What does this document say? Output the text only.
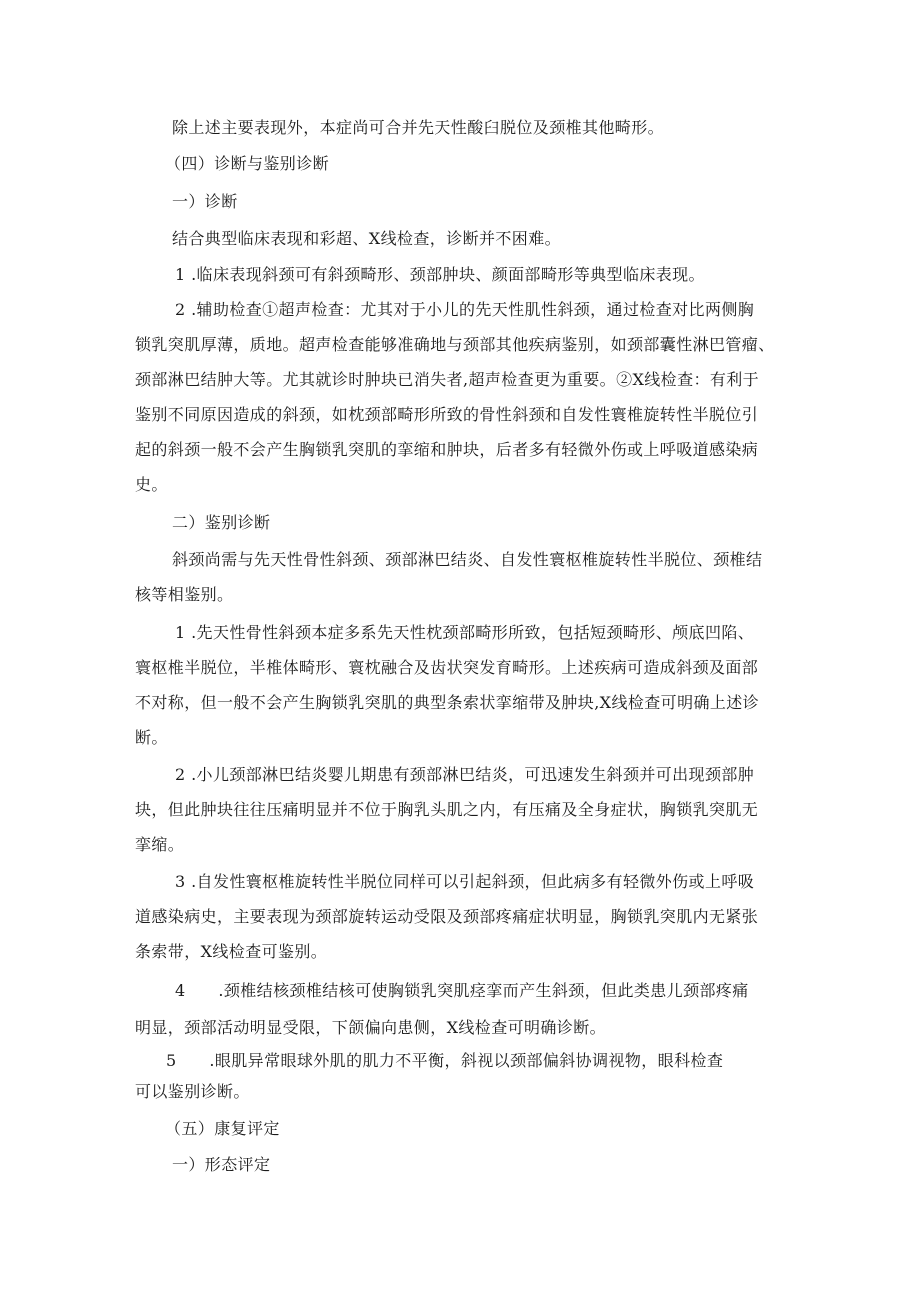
除上述主要表现外，本症尚可合并先天性酸臼脱位及颈椎其他畸形。
（四）诊断与鉴别诊断
一）诊断
结合典型临床表现和彩超、X线检查，诊断并不困难。
1 .临床表现斜颈可有斜颈畸形、颈部肿块、颜面部畸形等典型临床表现。
2 .辅助检查①超声检查：尤其对于小儿的先天性肌性斜颈，通过检查对比两侧胸
锁乳突肌厚薄，质地。超声检查能够准确地与颈部其他疾病鉴别，如颈部囊性淋巴管瘤、
颈部淋巴结肿大等。尤其就诊时肿块已消失者,超声检查更为重要。②X线检查：有利于
鉴别不同原因造成的斜颈，如枕颈部畸形所致的骨性斜颈和自发性寰椎旋转性半脱位引
起的斜颈一般不会产生胸锁乳突肌的挛缩和肿块，后者多有轻微外伤或上呼吸道感染病
史。
二）鉴别诊断
斜颈尚需与先天性骨性斜颈、颈部淋巴结炎、自发性寰枢椎旋转性半脱位、颈椎结
核等相鉴别。
1 .先天性骨性斜颈本症多系先天性枕颈部畸形所致，包括短颈畸形、颅底凹陷、
寰枢椎半脱位，半椎体畸形、寰枕融合及齿状突发育畸形。上述疾病可造成斜颈及面部
不对称，但一般不会产生胸锁乳突肌的典型条索状挛缩带及肿块,X线检查可明确上述诊
断。
2 .小儿颈部淋巴结炎婴儿期患有颈部淋巴结炎，可迅速发生斜颈并可出现颈部肿
块，但此肿块往往压痛明显并不位于胸乳头肌之内，有压痛及全身症状，胸锁乳突肌无
挛缩。
3 .自发性寰枢椎旋转性半脱位同样可以引起斜颈，但此病多有轻微外伤或上呼吸
道感染病史，主要表现为颈部旋转运动受限及颈部疼痛症状明显，胸锁乳突肌内无紧张
条索带，X线检查可鉴别。
4　　.颈椎结核颈椎结核可使胸锁乳突肌痉挛而产生斜颈，但此类患儿颈部疼痛
明显，颈部活动明显受限，下颌偏向患侧，X线检查可明确诊断。
5　　.眼肌异常眼球外肌的肌力不平衡，斜视以颈部偏斜协调视物，眼科检查
可以鉴别诊断。
（五）康复评定
一）形态评定
